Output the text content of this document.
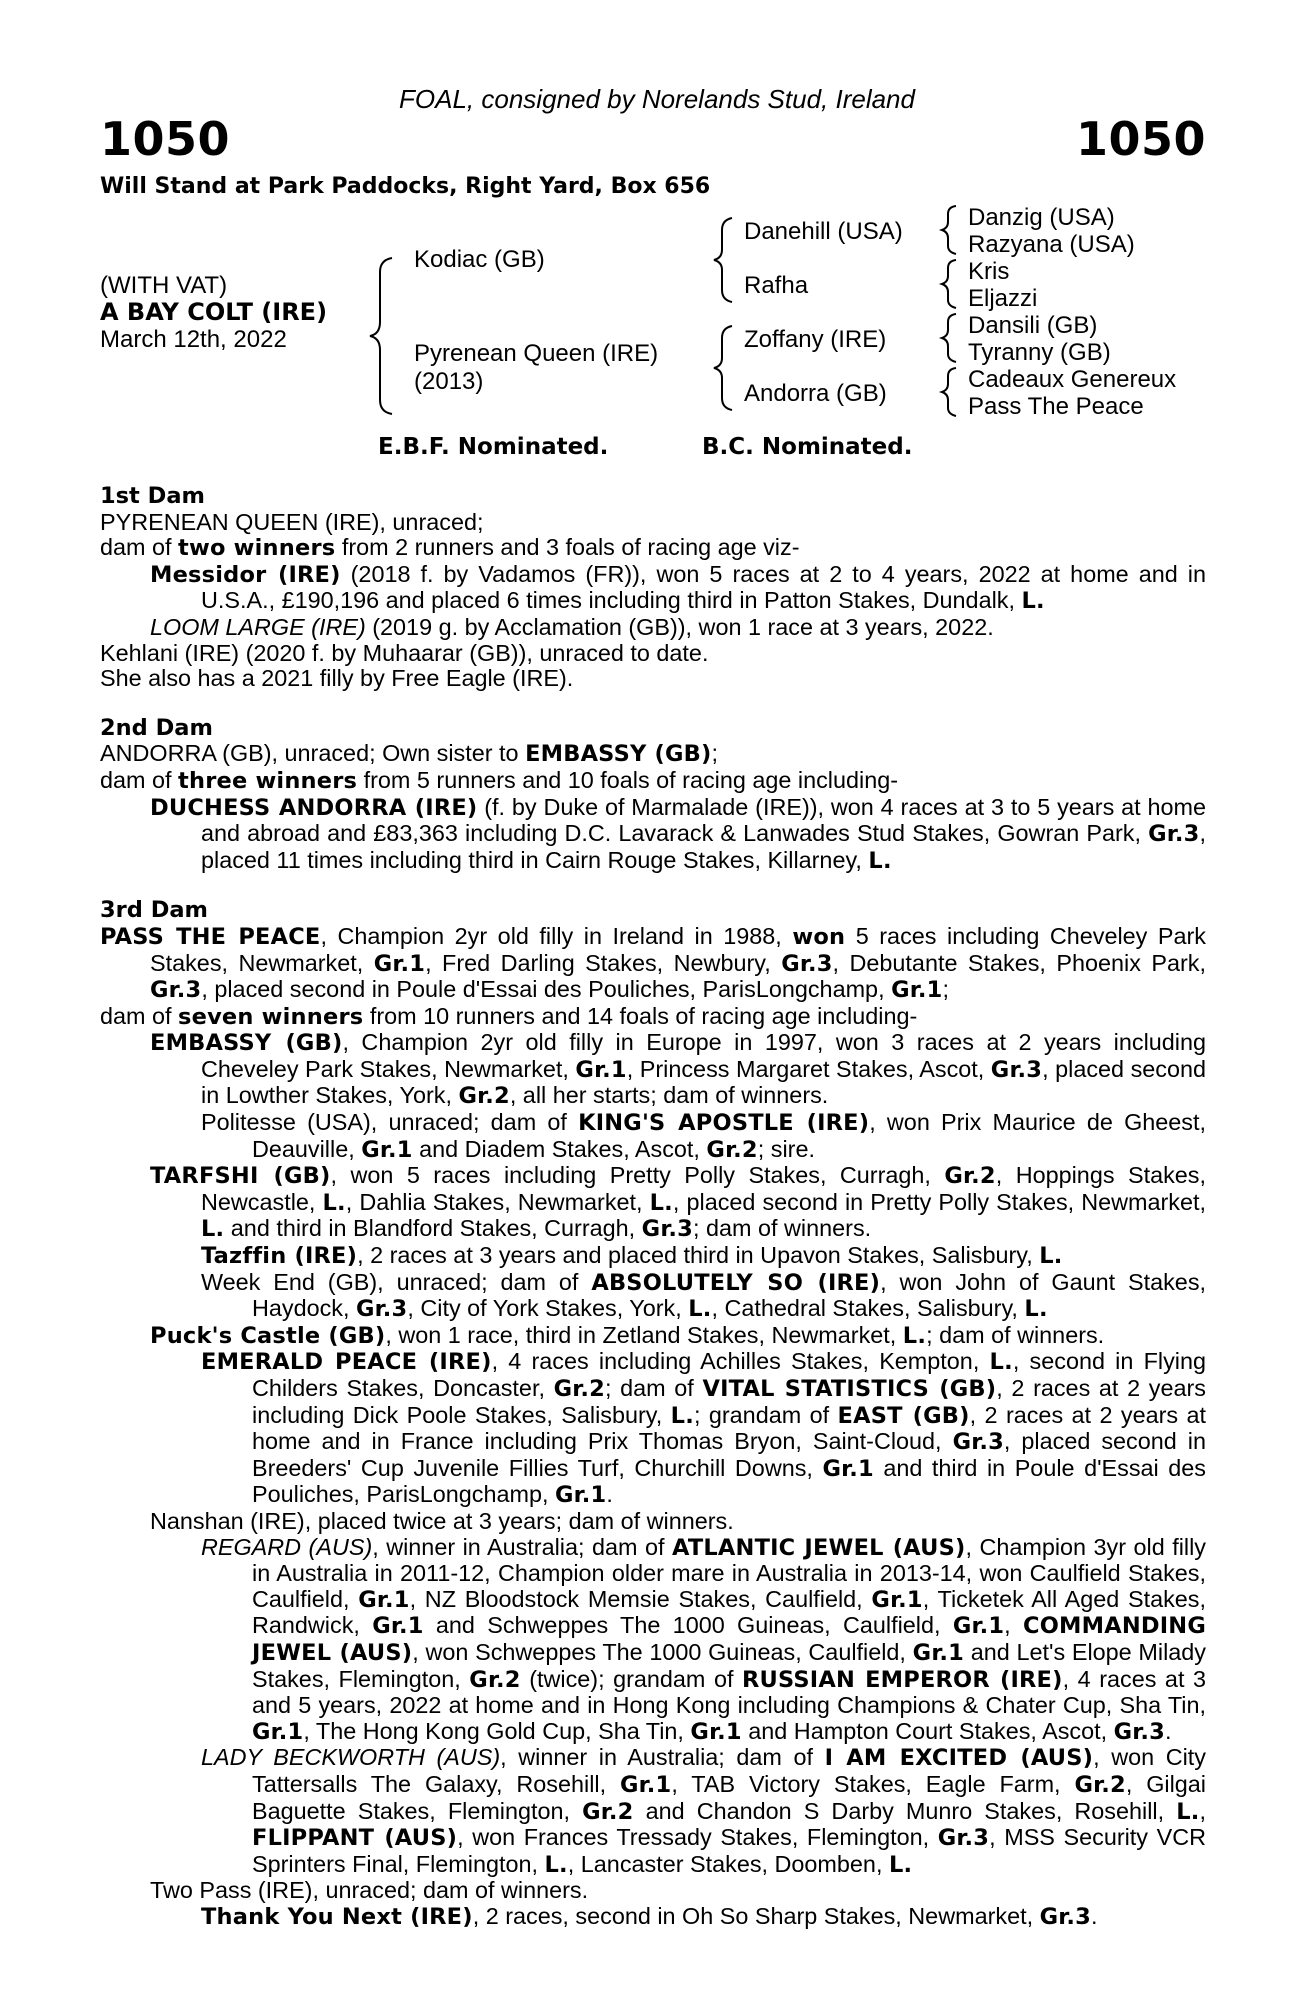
FOAL, consigned by Norelands Stud, Ireland
1050	1050
Will Stand at Park Paddocks, Right Yard, Box 656
(WITH VAT)
A BAY COLT (IRE)
March 12th, 2022
Kodiac (GB)
Pyrenean Queen (IRE)
(2013)
Danehill (USA)
Rafha
Zoffany (IRE)
Andorra (GB)
Danzig (USA)
Razyana (USA)
Kris
Eljazzi
Dansili (GB)
Tyranny (GB)
Cadeaux Genereux
Pass The Peace
E.B.F. Nominated.	B.C. Nominated.
1st Dam
PYRENEAN QUEEN (IRE), unraced;
dam of two winners from 2 runners and 3 foals of racing age viz-
Messidor (IRE) (2018 f. by Vadamos (FR)), won 5 races at 2 to 4 years, 2022 at home and in U.S.A., £190,196 and placed 6 times including third in Patton Stakes, Dundalk, L.
LOOM LARGE (IRE) (2019 g. by Acclamation (GB)), won 1 race at 3 years, 2022.
Kehlani (IRE) (2020 f. by Muhaarar (GB)), unraced to date.
She also has a 2021 filly by Free Eagle (IRE).
2nd Dam
ANDORRA (GB), unraced; Own sister to EMBASSY (GB);
dam of three winners from 5 runners and 10 foals of racing age including-
DUCHESS ANDORRA (IRE) (f. by Duke of Marmalade (IRE)), won 4 races at 3 to 5 years at home and abroad and £83,363 including D.C. Lavarack & Lanwades Stud Stakes, Gowran Park, Gr.3, placed 11 times including third in Cairn Rouge Stakes, Killarney, L.
3rd Dam
PASS THE PEACE, Champion 2yr old filly in Ireland in 1988, won 5 races including Cheveley Park Stakes, Newmarket, Gr.1, Fred Darling Stakes, Newbury, Gr.3, Debutante Stakes, Phoenix Park, Gr.3, placed second in Poule d'Essai des Pouliches, ParisLongchamp, Gr.1;
dam of seven winners from 10 runners and 14 foals of racing age including-
EMBASSY (GB), Champion 2yr old filly in Europe in 1997, won 3 races at 2 years including Cheveley Park Stakes, Newmarket, Gr.1, Princess Margaret Stakes, Ascot, Gr.3, placed second in Lowther Stakes, York, Gr.2, all her starts; dam of winners.
Politesse (USA), unraced; dam of KING'S APOSTLE (IRE), won Prix Maurice de Gheest, Deauville, Gr.1 and Diadem Stakes, Ascot, Gr.2; sire.
TARFSHI (GB), won 5 races including Pretty Polly Stakes, Curragh, Gr.2, Hoppings Stakes, Newcastle, L., Dahlia Stakes, Newmarket, L., placed second in Pretty Polly Stakes, Newmarket, L. and third in Blandford Stakes, Curragh, Gr.3; dam of winners.
Tazffin (IRE), 2 races at 3 years and placed third in Upavon Stakes, Salisbury, L.
Week End (GB), unraced; dam of ABSOLUTELY SO (IRE), won John of Gaunt Stakes, Haydock, Gr.3, City of York Stakes, York, L., Cathedral Stakes, Salisbury, L.
Puck's Castle (GB), won 1 race, third in Zetland Stakes, Newmarket, L.; dam of winners.
EMERALD PEACE (IRE), 4 races including Achilles Stakes, Kempton, L., second in Flying Childers Stakes, Doncaster, Gr.2; dam of VITAL STATISTICS (GB), 2 races at 2 years including Dick Poole Stakes, Salisbury, L.; grandam of EAST (GB), 2 races at 2 years at home and in France including Prix Thomas Bryon, Saint-Cloud, Gr.3, placed second in Breeders' Cup Juvenile Fillies Turf, Churchill Downs, Gr.1 and third in Poule d'Essai des Pouliches, ParisLongchamp, Gr.1.
Nanshan (IRE), placed twice at 3 years; dam of winners.
REGARD (AUS), winner in Australia; dam of ATLANTIC JEWEL (AUS), Champion 3yr old filly in Australia in 2011-12, Champion older mare in Australia in 2013-14, won Caulfield Stakes, Caulfield, Gr.1, NZ Bloodstock Memsie Stakes, Caulfield, Gr.1, Ticketek All Aged Stakes, Randwick, Gr.1 and Schweppes The 1000 Guineas, Caulfield, Gr.1, COMMANDING JEWEL (AUS), won Schweppes The 1000 Guineas, Caulfield, Gr.1 and Let's Elope Milady Stakes, Flemington, Gr.2 (twice); grandam of RUSSIAN EMPEROR (IRE), 4 races at 3 and 5 years, 2022 at home and in Hong Kong including Champions & Chater Cup, Sha Tin, Gr.1, The Hong Kong Gold Cup, Sha Tin, Gr.1 and Hampton Court Stakes, Ascot, Gr.3.
LADY BECKWORTH (AUS), winner in Australia; dam of I AM EXCITED (AUS), won City Tattersalls The Galaxy, Rosehill, Gr.1, TAB Victory Stakes, Eagle Farm, Gr.2, Gilgai Baguette Stakes, Flemington, Gr.2 and Chandon S Darby Munro Stakes, Rosehill, L., FLIPPANT (AUS), won Frances Tressady Stakes, Flemington, Gr.3, MSS Security VCR Sprinters Final, Flemington, L., Lancaster Stakes, Doomben, L.
Two Pass (IRE), unraced; dam of winners.
Thank You Next (IRE), 2 races, second in Oh So Sharp Stakes, Newmarket, Gr.3.
